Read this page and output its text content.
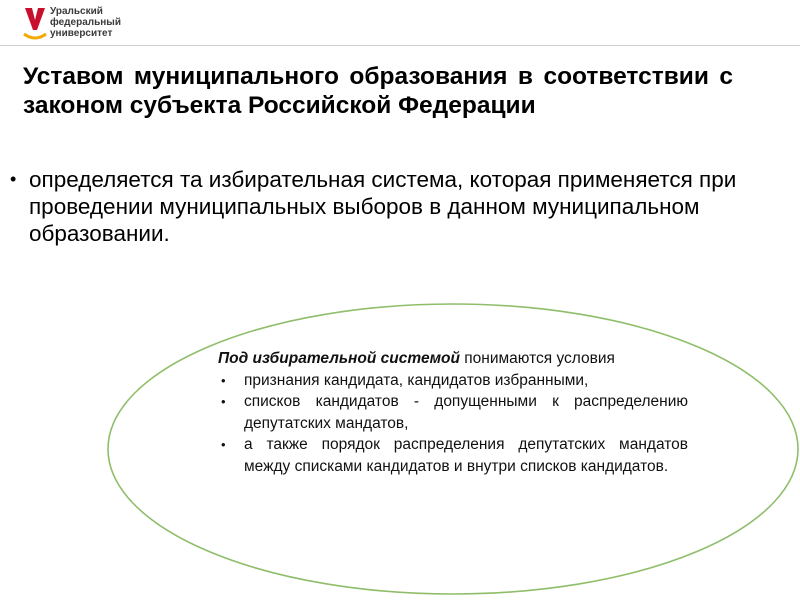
Уральский
федеральный
университет

Уставом муниципального образования в соответствии с законом субъекта Российской Федерации

• определяется та избирательная система, которая применяется при проведении муниципальных выборов в данном муниципальном образовании.
Под избирательной системой понимаются условия
• признания кандидата, кандидатов избранными,
• списков кандидатов - допущенными к распределению депутатских мандатов,
• а также порядок распределения депутатских мандатов между списками кандидатов и внутри списков кандидатов.
